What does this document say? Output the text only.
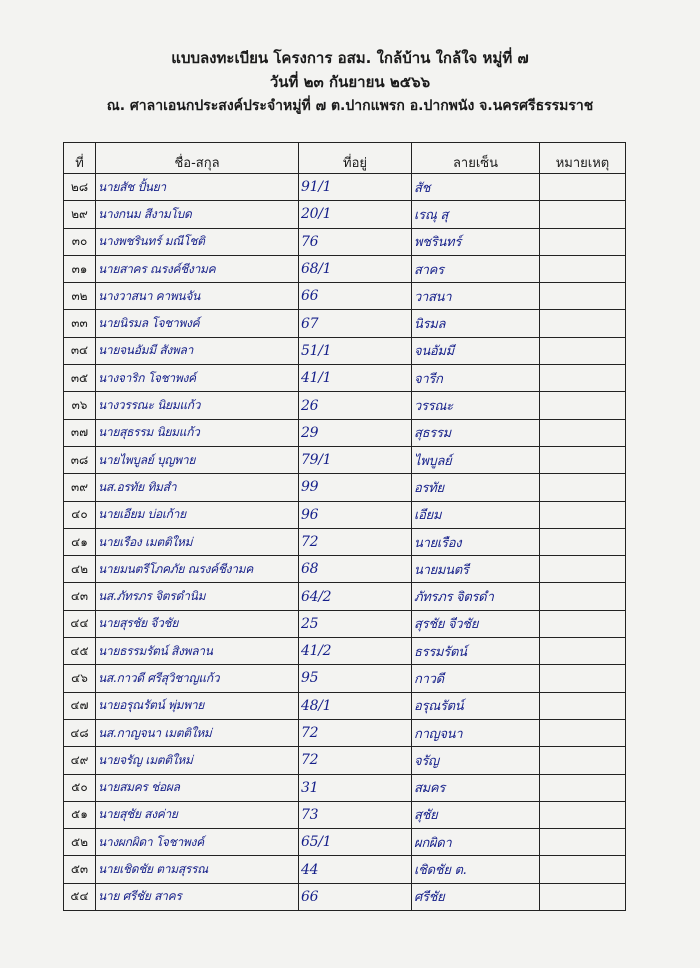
แบบลงทะเบียน โครงการ อสม. ใกล้บ้าน ใกล้ใจ หมู่ที่ ๗
วันที่ ๒๓ กันยายน ๒๕๖๖
ณ. ศาลาเอนกประสงค์ประจำหมู่ที่ ๗ ต.ปากแพรก อ.ปากพนัง จ.นครศรีธรรมราช
ที่	ชื่อ-สกุล	ที่อยู่	ลายเซ็น	หมายเหตุ
๒๘	นายสัช ปั้นยา	91/1	สัช	
๒๙	นางกนม สีงามโบด	20/1	เรณุ สุ	
๓๐	นางพชรินทร์ มณีโชติ	76	พชรินทร์	
๓๑	นายสาคร ณรงค์ชีงามค	68/1	สาคร	
๓๒	นางวาสนา คาพนจัน	66	วาสนา	
๓๓	นายนิรมล โจชาพงค์	67	นิรมล	
๓๔	นายจนอัมมี สังพลา	51/1	จนอัมมี	
๓๕	นางจาริก โจชาพงค์	41/1	จารีก	
๓๖	นางวรรณะ นิยมแก้ว	26	วรรณะ	
๓๗	นายสุธรรม นิยมแก้ว	29	สุธรรม	
๓๘	นายไพบูลย์ บุญพาย	79/1	ไพบูลย์	
๓๙	นส.อรทัย ทิมสำ	99	อรทัย	
๔๐	นายเอียม บ่อเก้าย	96	เอียม	
๔๑	นายเรือง เมตติใหม่	72	นายเรือง	
๔๒	นายมนตรีโภคภัย ณรงค์ชีงามค	68	นายมนตรี	
๔๓	นส.ภัทรภร จิตรดำนิม	64/2	ภัทรภร จิตรดำ	
๔๔	นายสุรชัย จีวชัย	25	สุรชัย จีวชัย	
๔๕	นายธรรมรัตน์ สิงพลาน	41/2	ธรรมรัตน์	
๔๖	นส.กาวดี ศรีสุวิชาญแก้ว	95	กาวดี	
๔๗	นายอรุณรัตน์ พุ่มพาย	48/1	อรุณรัตน์	
๔๘	นส.กาญจนา เมตติใหม่	72	กาญจนา	
๔๙	นายจรัญ เมตติใหม่	72	จรัญ	
๕๐	นายสมคร ช่อผล	31	สมคร	
๕๑	นายสุชัย สงค่าย	73	สุชัย	
๕๒	นางผกผิดา โจชาพงค์	65/1	ผกผิดา	
๕๓	นายเชิดชัย ตามสุรรณ	44	เชิดชัย ต.	
๕๔	นาย ศรีชัย สาคร	66	ศรีชัย	
